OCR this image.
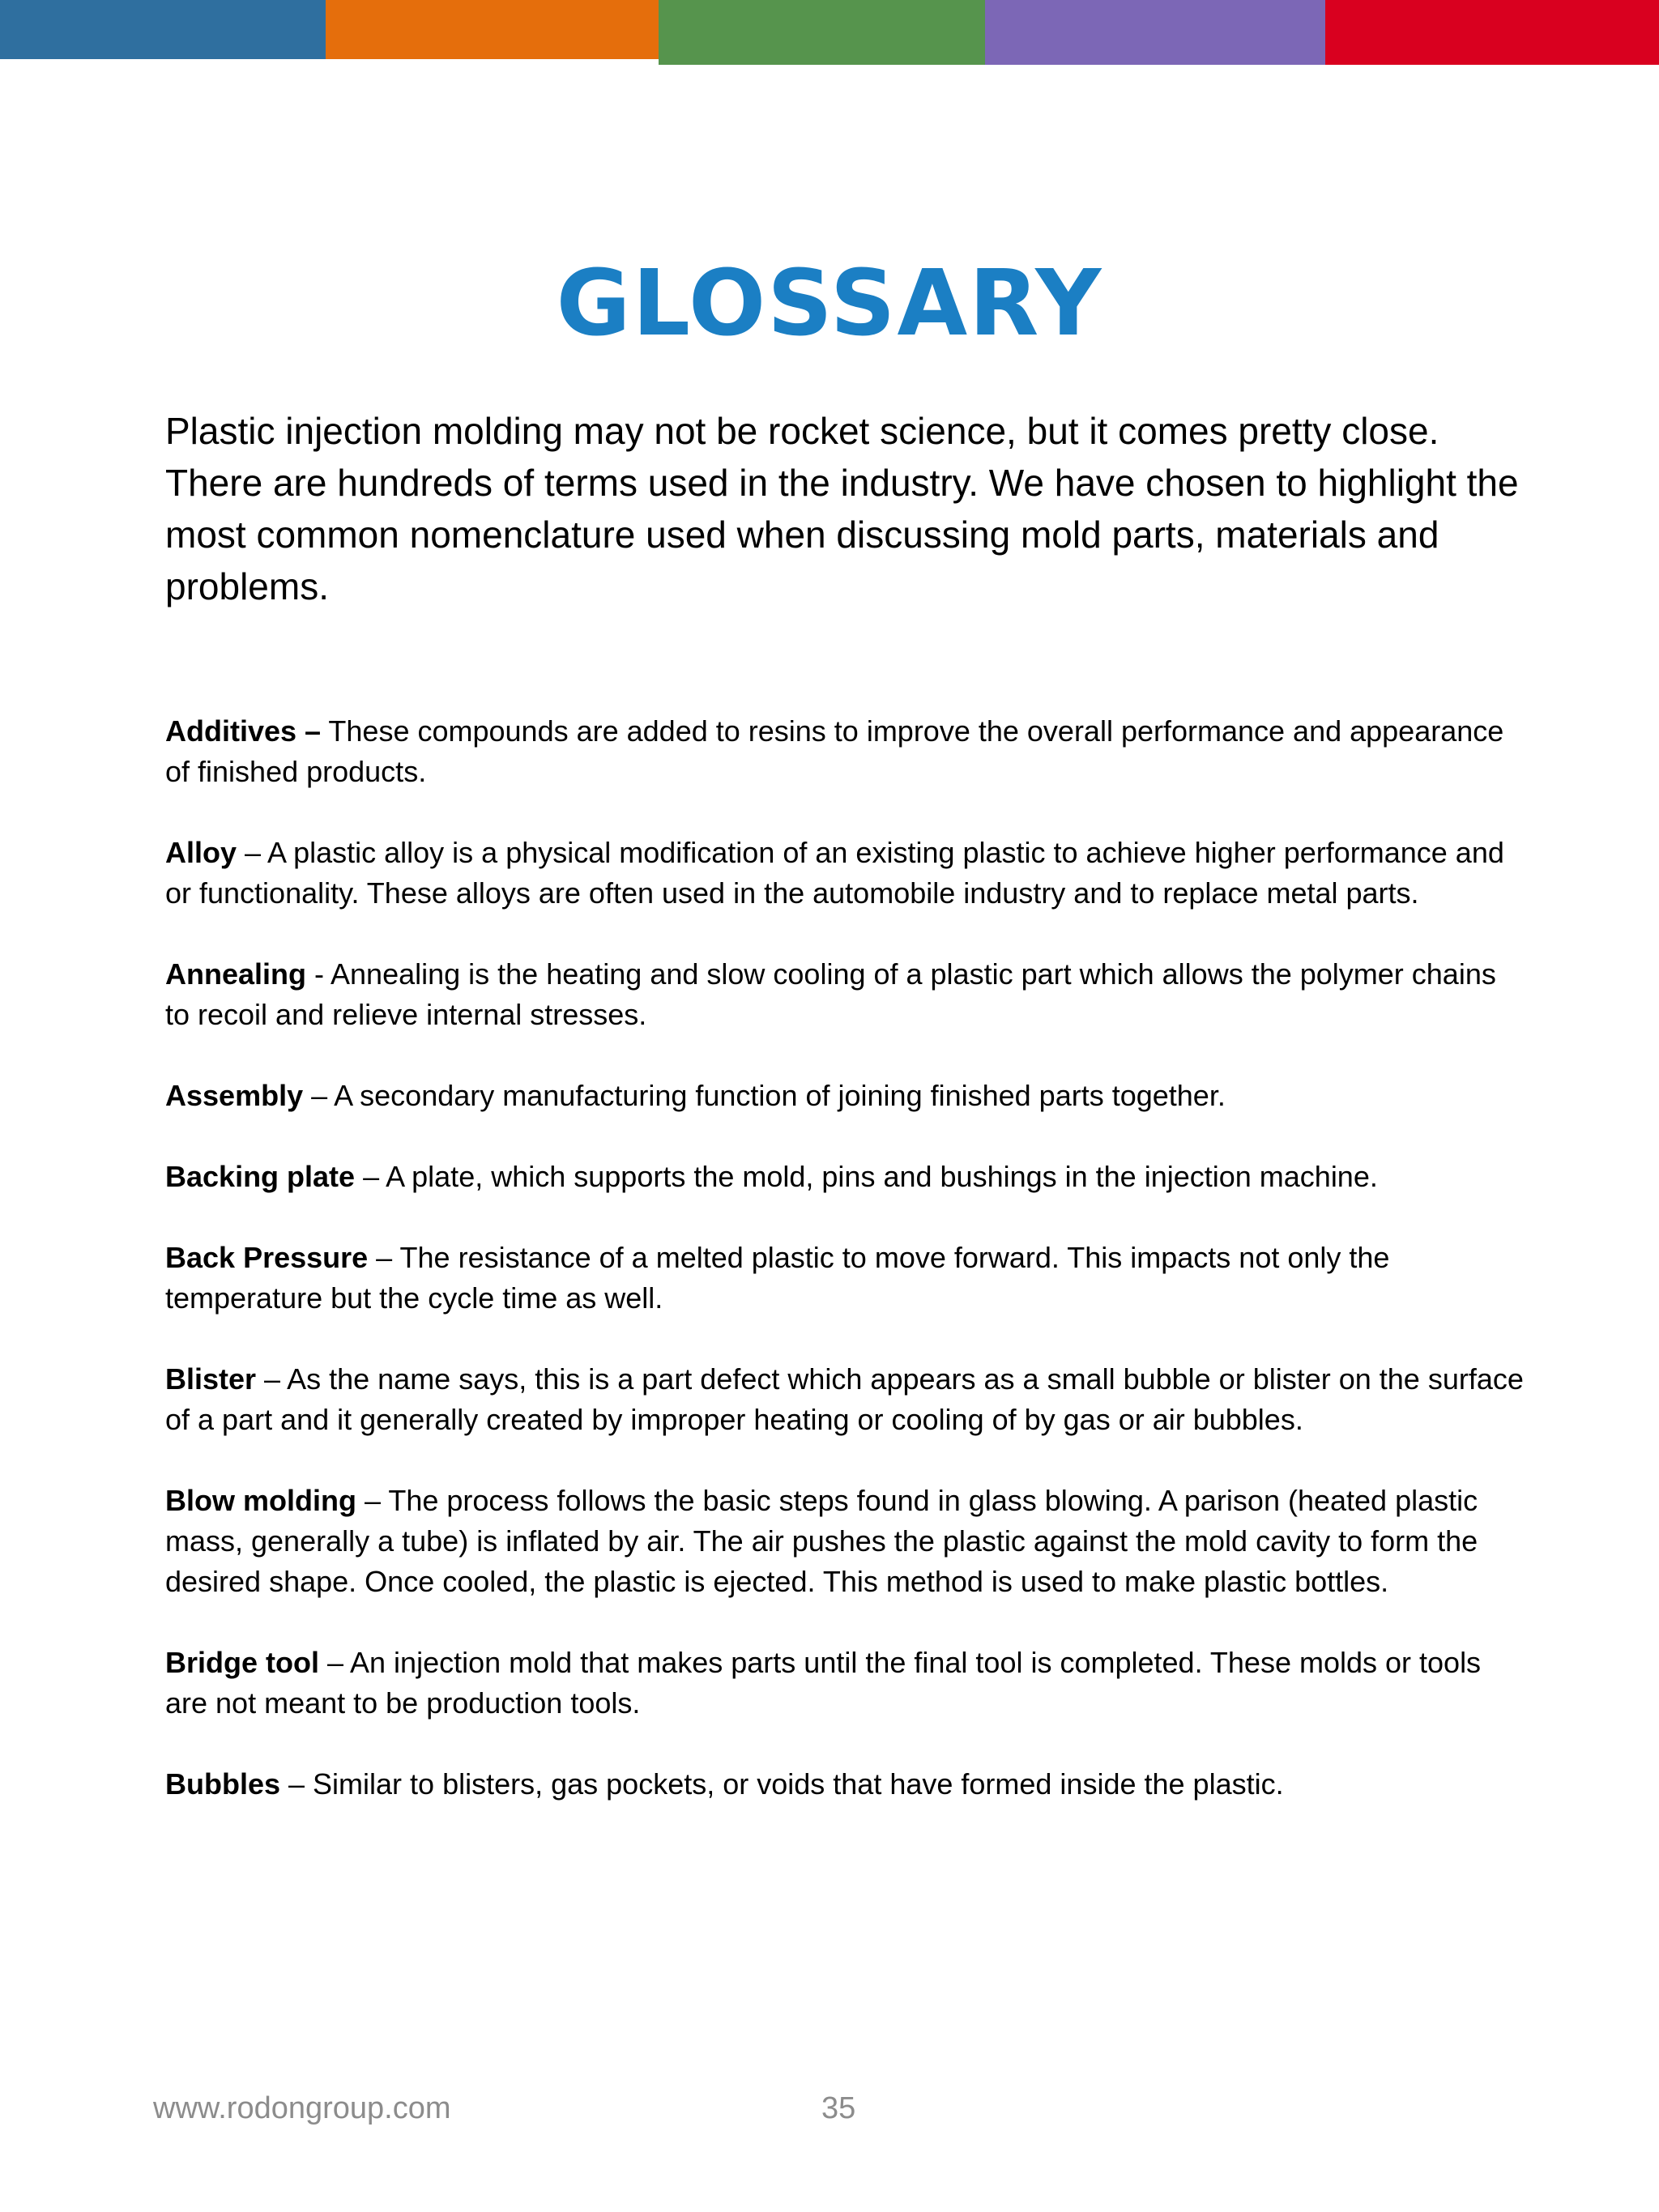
GLOSSARY

Plastic injection molding may not be rocket science, but it comes pretty close. There are hundreds of terms used in the industry. We have chosen to highlight the most common nomenclature used when discussing mold parts, materials and problems.

Additives – These compounds are added to resins to improve the overall performance and appearance of finished products.
Alloy – A plastic alloy is a physical modification of an existing plastic to achieve higher performance and or functionality. These alloys are often used in the automobile industry and to replace metal parts.
Annealing - Annealing is the heating and slow cooling of a plastic part which allows the polymer chains to recoil and relieve internal stresses.
Assembly – A secondary manufacturing function of joining finished parts together.
Backing plate – A plate, which supports the mold, pins and bushings in the injection machine.
Back Pressure – The resistance of a melted plastic to move forward. This impacts not only the temperature but the cycle time as well.
Blister – As the name says, this is a part defect which appears as a small bubble or blister on the surface of a part and it generally created by improper heating or cooling of by gas or air bubbles.
Blow molding – The process follows the basic steps found in glass blowing. A parison (heated plastic mass, generally a tube) is inflated by air. The air pushes the plastic against the mold cavity to form the desired shape. Once cooled, the plastic is ejected. This method is used to make plastic bottles.
Bridge tool – An injection mold that makes parts until the final tool is completed. These molds or tools are not meant to be production tools.
Bubbles – Similar to blisters, gas pockets, or voids that have formed inside the plastic.
www.rodongroup.com	35
